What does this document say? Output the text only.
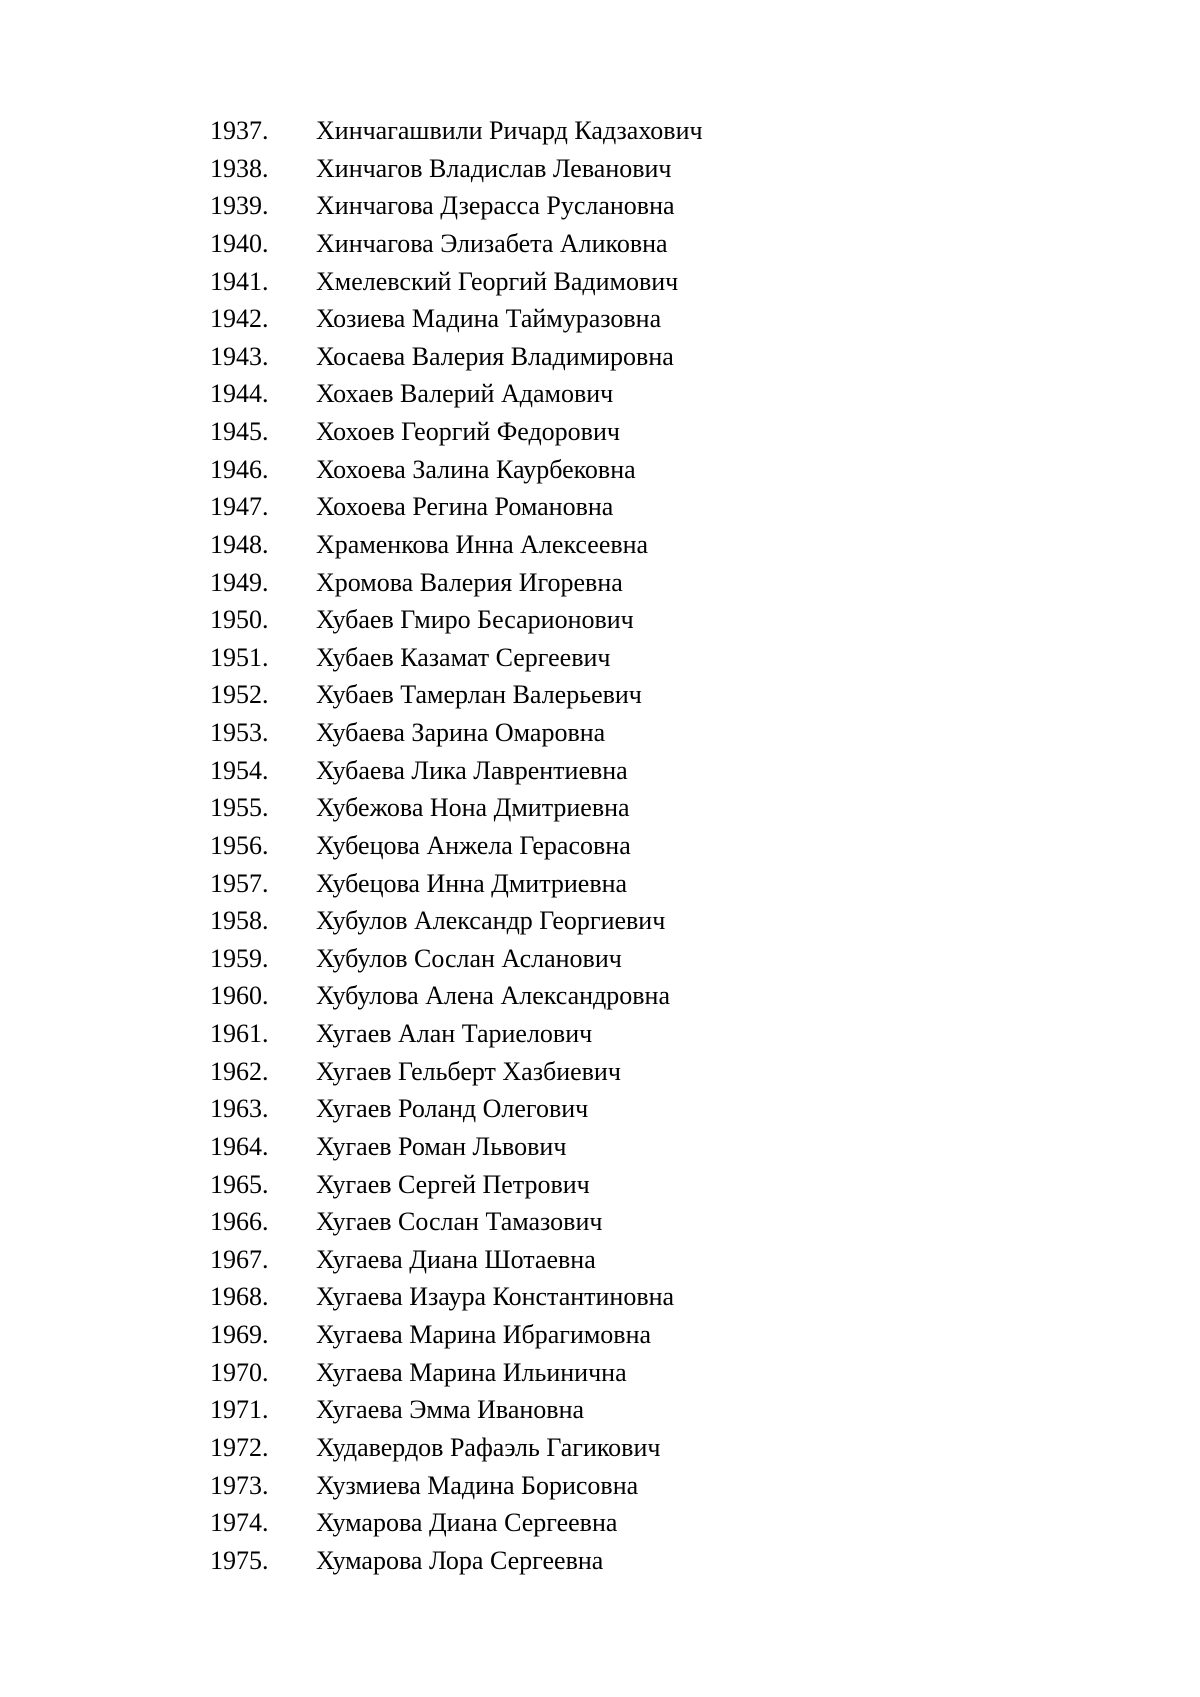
1937. Хинчагашвили Ричард Кадзахович
1938. Хинчагов Владислав Леванович
1939. Хинчагова Дзерасса Руслановна
1940. Хинчагова Элизабета Аликовна
1941. Хмелевский Георгий Вадимович
1942. Хозиева Мадина Таймуразовна
1943. Хосаева Валерия Владимировна
1944. Хохаев Валерий Адамович
1945. Хохоев Георгий Федорович
1946. Хохоева Залина Каурбековна
1947. Хохоева Регина Романовна
1948. Храменкова Инна Алексеевна
1949. Хромова Валерия Игоревна
1950. Хубаев Гмиро Бесарионович
1951. Хубаев Казамат Сергеевич
1952. Хубаев Тамерлан Валерьевич
1953. Хубаева Зарина Омаровна
1954. Хубаева Лика Лаврентиевна
1955. Хубежова Нона Дмитриевна
1956. Хубецова Анжела Герасовна
1957. Хубецова Инна Дмитриевна
1958. Хубулов Александр Георгиевич
1959. Хубулов Сослан Асланович
1960. Хубулова Алена Александровна
1961. Хугаев Алан Тариелович
1962. Хугаев Гельберт Хазбиевич
1963. Хугаев Роланд Олегович
1964. Хугаев Роман Львович
1965. Хугаев Сергей Петрович
1966. Хугаев Сослан Тамазович
1967. Хугаева Диана Шотаевна
1968. Хугаева Изаура Константиновна
1969. Хугаева Марина Ибрагимовна
1970. Хугаева Марина Ильинична
1971. Хугаева Эмма Ивановна
1972. Худавердов Рафаэль Гагикович
1973. Хузмиева Мадина Борисовна
1974. Хумарова Диана Сергеевна
1975. Хумарова Лора Сергеевна
